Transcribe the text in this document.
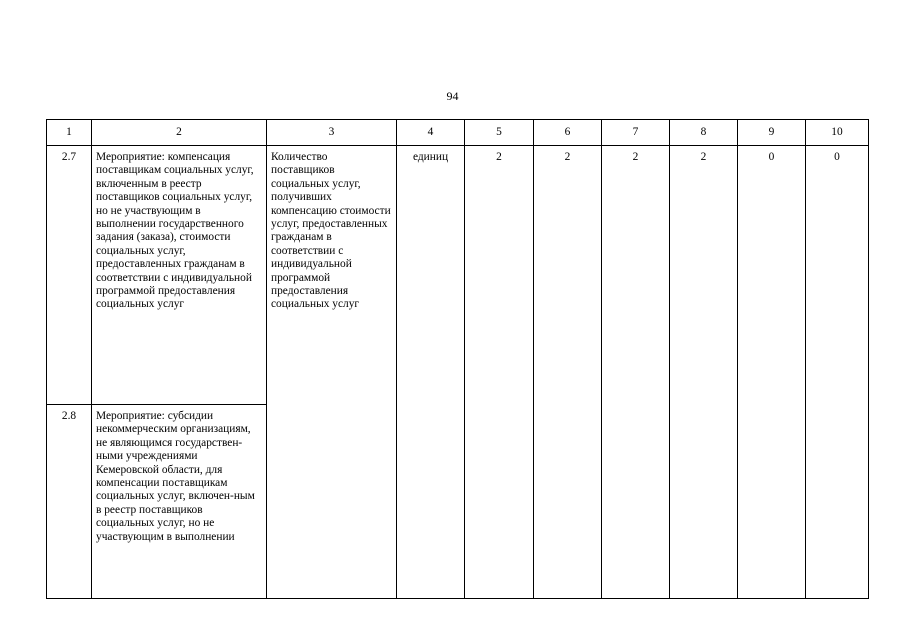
94
1	2	3	4	5	6	7	8	9	10
2.7	Мероприятие: компенсация поставщикам социальных услуг, включенным в реестр поставщиков социальных услуг, но не участвующим в выполнении государственного задания (заказа), стоимости социальных услуг, предоставленных гражданам в соответствии с индивидуальной программой предоставления социальных услуг	Количество поставщиков социальных услуг, получивших компенсацию стоимости услуг, предоставленных гражданам в соответствии с индивидуальной программой предоставления социальных услуг	единиц	2	2	2	2	0	0
2.8	Мероприятие: субсидии некоммерческим организациям, не являющимся государствен-ными учреждениями Кемеровской области, для компенсации поставщикам социальных услуг, включен-ным в реестр поставщиков социальных услуг, но не участвующим в выполнении								
